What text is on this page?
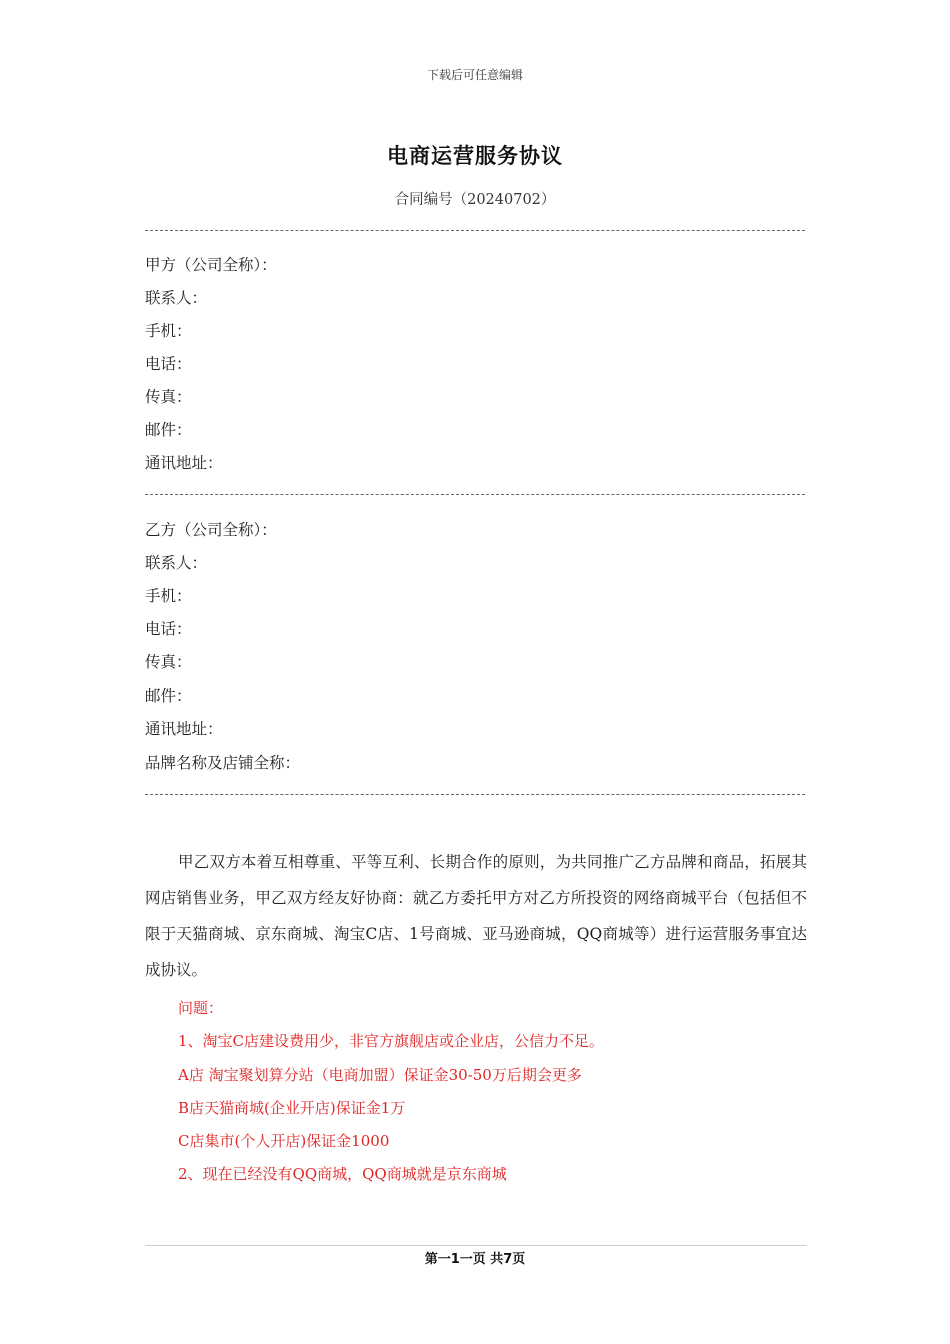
下载后可任意编辑
电商运营服务协议
合同编号（20240702）
甲方（公司全称）：
联系人：
手机：
电话：
传真：
邮件：
通讯地址：
乙方（公司全称）：
联系人：
手机：
电话：
传真：
邮件：
通讯地址：
品牌名称及店铺全称：

甲乙双方本着互相尊重、平等互利、长期合作的原则，为共同推广乙方品牌和商品，拓展其网店销售业务，甲乙双方经友好协商：就乙方委托甲方对乙方所投资的网络商城平台（包括但不限于天猫商城、京东商城、淘宝C店、1号商城、亚马逊商城，QQ商城等）进行运营服务事宜达成协议。

问题：
1、淘宝C店建设费用少，非官方旗舰店或企业店，公信力不足。
A店 淘宝聚划算分站（电商加盟）保证金30-50万后期会更多
B店天猫商城(企业开店)保证金1万
C店集市(个人开店)保证金1000
2、现在已经没有QQ商城，QQ商城就是京东商城
第一1一页 共7页
